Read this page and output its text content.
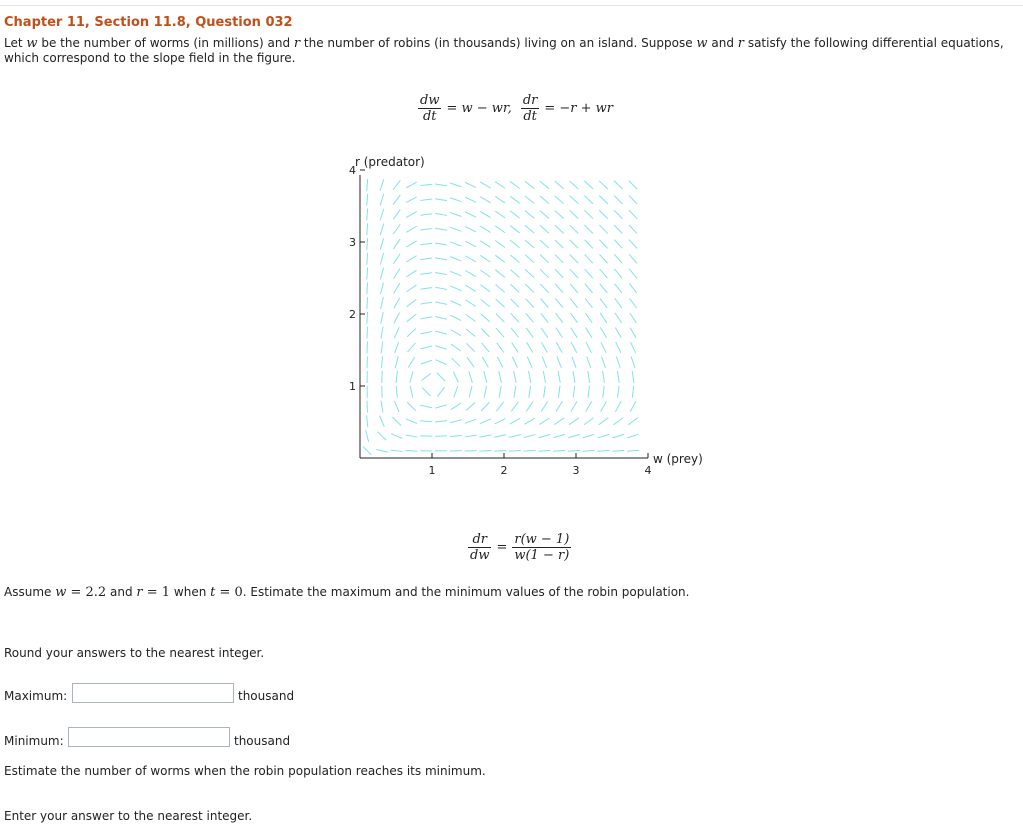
Chapter 11, Section 11.8, Question 032
Let w be the number of worms (in millions) and r the number of robins (in thousands) living on an island. Suppose w and r satisfy the following differential equations, which correspond to the slope field in the figure.
$\frac{dw}{dt} = w$ − wr, $\frac{dr}{dt} = -r$ + wr
r (predator)
w (prey)
1	2	3	4
1
2
3
4
$\frac{dr}{dw} = \frac{r(w - 1)}{w(1 - r)}$
Assume w = 2.2 and r = 1 when t = 0. Estimate the maximum and the minimum values of the robin population.
Round your answers to the nearest integer.
Maximum:	thousand
Minimum:	thousand
Estimate the number of worms when the robin population reaches its minimum.
Enter your answer to the nearest integer.
